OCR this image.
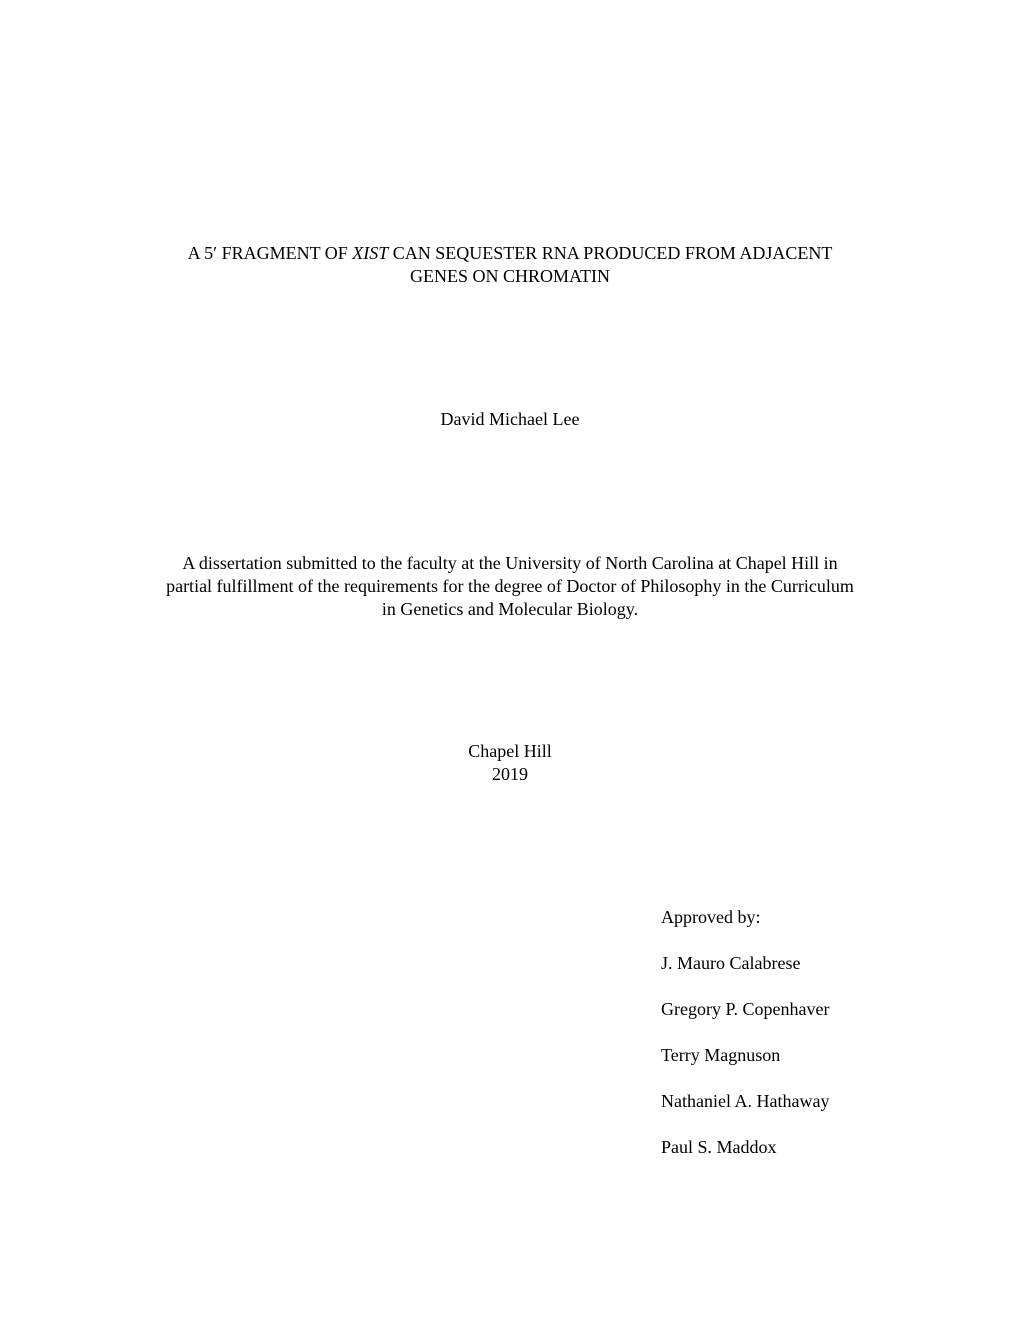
A 5′ FRAGMENT OF XIST CAN SEQUESTER RNA PRODUCED FROM ADJACENT
GENES ON CHROMATIN
David Michael Lee
A dissertation submitted to the faculty at the University of North Carolina at Chapel Hill in
partial fulfillment of the requirements for the degree of Doctor of Philosophy in the Curriculum
in Genetics and Molecular Biology.
Chapel Hill
2019
Approved by:
J. Mauro Calabrese
Gregory P. Copenhaver
Terry Magnuson
Nathaniel A. Hathaway
Paul S. Maddox
